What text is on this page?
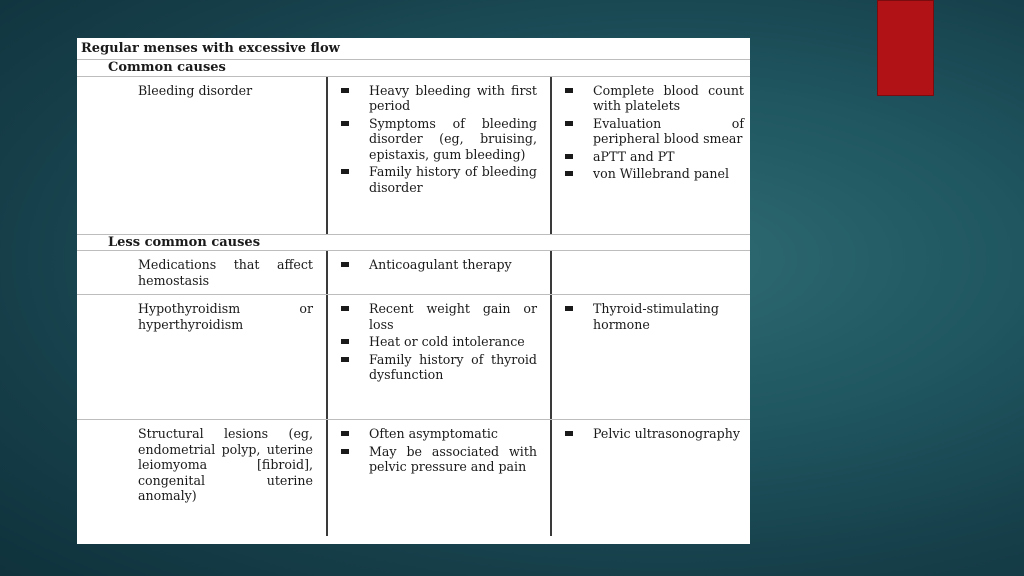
Regular menses with excessive flow
Common causes
Bleeding disorder	Heavy bleeding with first period
Symptoms of bleeding disorder (eg, bruising, epistaxis, gum bleeding)
Family history of bleeding disorder
Complete blood count with platelets
Evaluation of peripheral blood smear
aPTT and PT
von Willebrand panel
Less common causes
Medications that affect hemostasis
Anticoagulant therapy
Hypothyroidism or hyperthyroidism
Recent weight gain or loss
Heat or cold intolerance
Family history of thyroid dysfunction
Thyroid-stimulating hormone
Structural lesions (eg, endometrial polyp, uterine leiomyoma [fibroid], congenital uterine anomaly)
Often asymptomatic
May be associated with pelvic pressure and pain
Pelvic ultrasonography
